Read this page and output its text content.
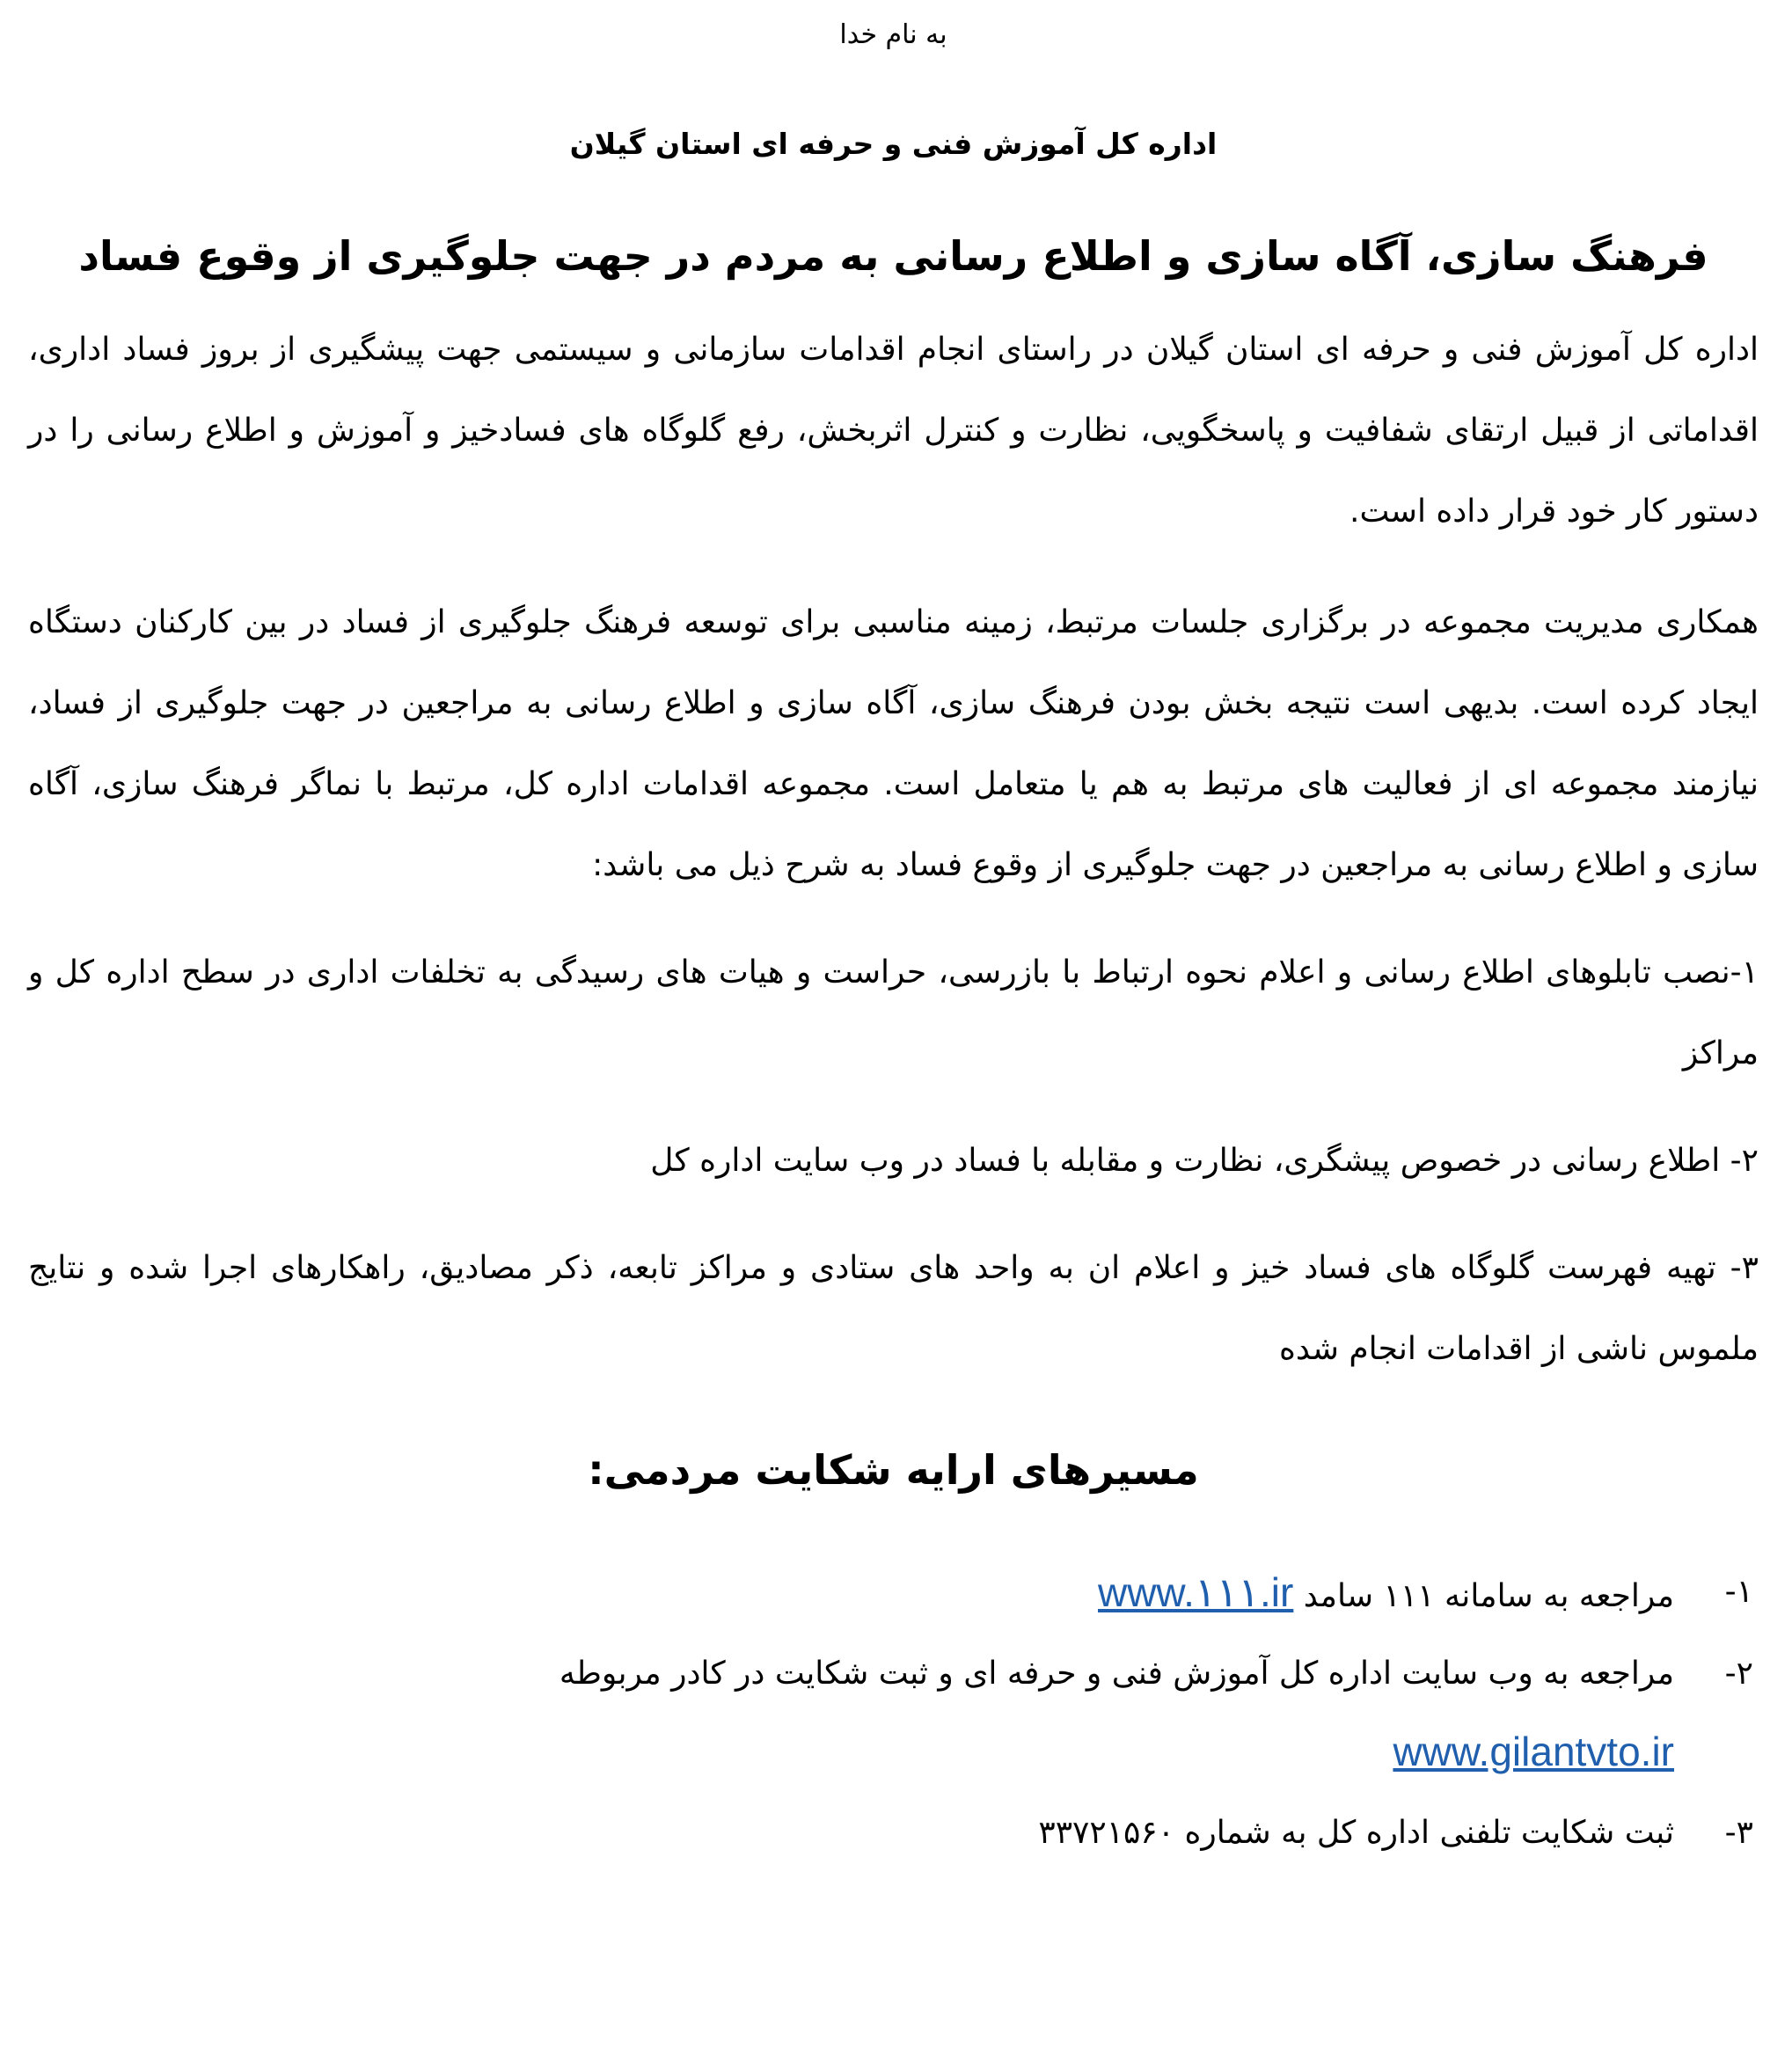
به نام خدا
اداره کل آموزش فنی و حرفه ای استان گیلان
فرهنگ سازی، آگاه سازی و اطلاع رسانی به مردم در جهت جلوگیری از وقوع فساد

اداره کل آموزش فنی و حرفه ای استان گیلان در راستای انجام اقدامات سازمانی و سیستمی جهت پیشگیری از بروز فساد اداری، اقداماتی از قبیل ارتقای شفافیت و پاسخگویی، نظارت و کنترل اثربخش، رفع گلوگاه های فسادخیز و آموزش و اطلاع رسانی را در دستور کار خود قرار داده است.

همکاری مدیریت مجموعه در برگزاری جلسات مرتبط، زمینه مناسبی برای توسعه فرهنگ جلوگیری از فساد در بین کارکنان دستگاه ایجاد کرده است. بدیهی است نتیجه بخش بودن فرهنگ سازی، آگاه سازی و اطلاع رسانی به مراجعین در جهت جلوگیری از فساد، نیازمند مجموعه ای از فعالیت های مرتبط به هم یا متعامل است. مجموعه اقدامات اداره کل، مرتبط با نماگر فرهنگ سازی، آگاه سازی و اطلاع رسانی به مراجعین در جهت جلوگیری از وقوع فساد به شرح ذیل می باشد:

۱-نصب تابلوهای اطلاع رسانی و اعلام نحوه ارتباط با بازرسی، حراست و هیات های رسیدگی به تخلفات اداری در سطح اداره کل و مراکز

۲- اطلاع رسانی در خصوص پیشگری، نظارت و مقابله با فساد در وب سایت اداره کل

۳- تهیه فهرست گلوگاه های فساد خیز و اعلام ان به واحد های ستادی و مراکز تابعه، ذکر مصادیق، راهکارهای اجرا شده و نتایج ملموس ناشی از اقدامات انجام شده

مسیرهای ارایه شکایت مردمی:
۱-
مراجعه به سامانه ۱۱۱ سامد www.۱۱۱.ir
۲-
مراجعه به وب سایت اداره کل آموزش فنی و حرفه ای و ثبت شکایت در کادر مربوطه
www.gilantvto.ir
۳-
ثبت شکایت تلفنی اداره کل به شماره ۳۳۷۲۱۵۶۰
